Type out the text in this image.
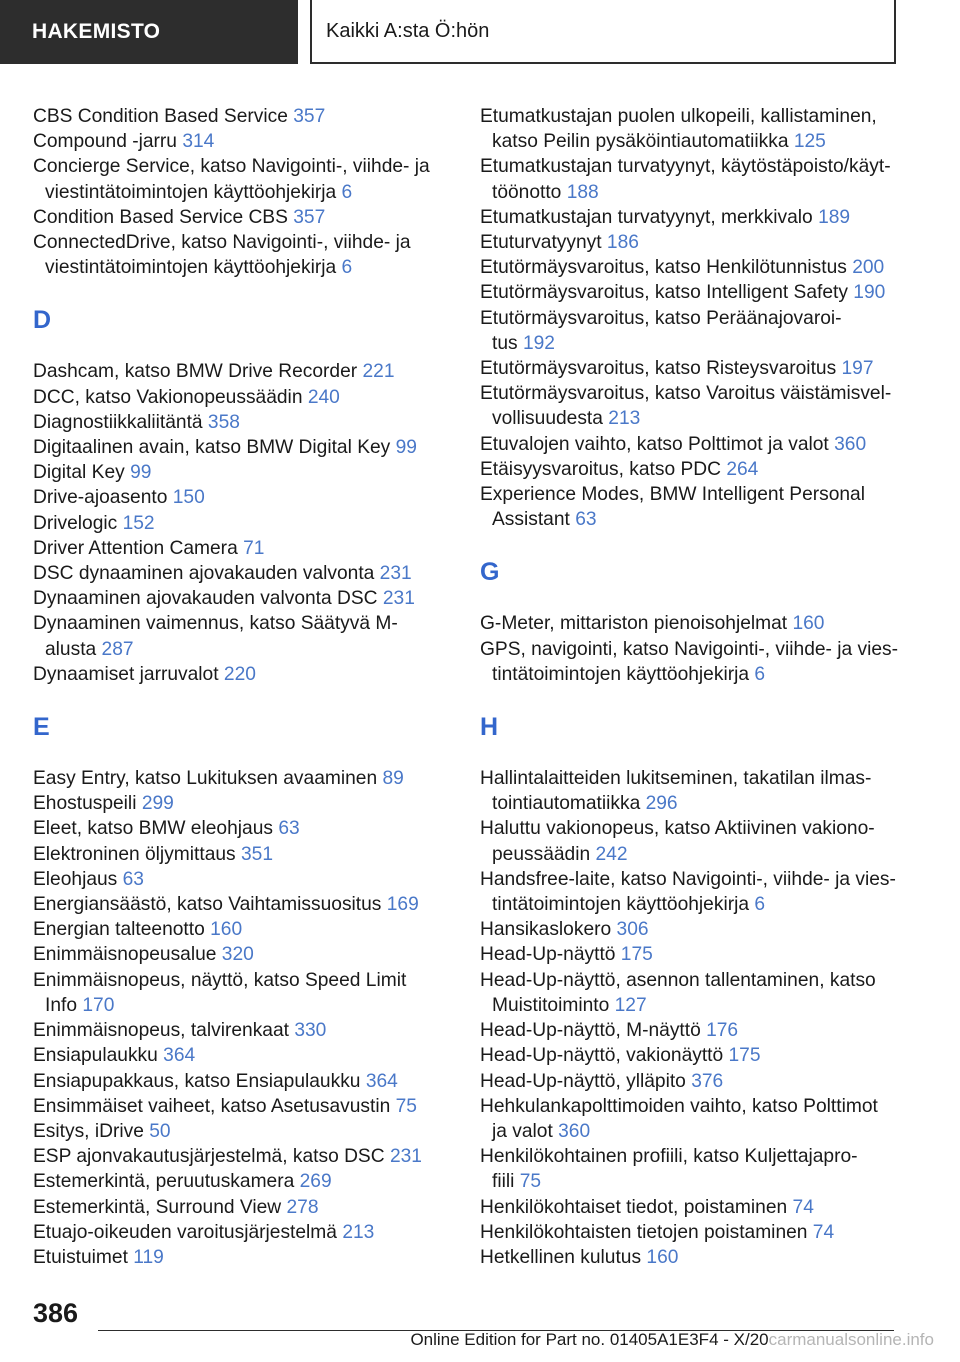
HAKEMISTO	Kaikki A:sta Ö:hön
CBS Condition Based Service 357
Compound -jarru 314
Concierge Service, katso Navigointi-, viihde- ja
viestintätoimintojen käyttöohjekirja 6
Condition Based Service CBS 357
ConnectedDrive, katso Navigointi-, viihde- ja
viestintätoimintojen käyttöohjekirja 6
D
Dashcam, katso BMW Drive Recorder 221
DCC, katso Vakionopeussäädin 240
Diagnostiikkaliitäntä 358
Digitaalinen avain, katso BMW Digital Key 99
Digital Key 99
Drive-ajoasento 150
Drivelogic 152
Driver Attention Camera 71
DSC dynaaminen ajovakauden valvonta 231
Dynaaminen ajovakauden valvonta DSC 231
Dynaaminen vaimennus, katso Säätyvä M-
alusta 287
Dynaamiset jarruvalot 220
E
Easy Entry, katso Lukituksen avaaminen 89
Ehostuspeili 299
Eleet, katso BMW eleohjaus 63
Elektroninen öljymittaus 351
Eleohjaus 63
Energiansäästö, katso Vaihtamissuositus 169
Energian talteenotto 160
Enimmäisnopeusalue 320
Enimmäisnopeus, näyttö, katso Speed Limit
Info 170
Enimmäisnopeus, talvirenkaat 330
Ensiapulaukku 364
Ensiapupakkaus, katso Ensiapulaukku 364
Ensimmäiset vaiheet, katso Asetusavustin 75
Esitys, iDrive 50
ESP ajonvakautusjärjestelmä, katso DSC 231
Estemerkintä, peruutuskamera 269
Estemerkintä, Surround View 278
Etuajo-oikeuden varoitusjärjestelmä 213
Etuistuimet 119
Etumatkustajan puolen ulkopeili, kallistaminen,
katso Peilin pysäköintiautomatiikka 125
Etumatkustajan turvatyynyt, käytöstäpoisto/käyt-
töönotto 188
Etumatkustajan turvatyynyt, merkkivalo 189
Etuturvatyynyt 186
Etutörmäysvaroitus, katso Henkilötunnistus 200
Etutörmäysvaroitus, katso Intelligent Safety 190
Etutörmäysvaroitus, katso Peräänajovaroi-
tus 192
Etutörmäysvaroitus, katso Risteysvaroitus 197
Etutörmäysvaroitus, katso Varoitus väistämisvel-
vollisuudesta 213
Etuvalojen vaihto, katso Polttimot ja valot 360
Etäisyysvaroitus, katso PDC 264
Experience Modes, BMW Intelligent Personal
Assistant 63
G
G-Meter, mittariston pienoisohjelmat 160
GPS, navigointi, katso Navigointi-, viihde- ja vies-
tintätoimintojen käyttöohjekirja 6
H
Hallintalaitteiden lukitseminen, takatilan ilmas-
tointiautomatiikka 296
Haluttu vakionopeus, katso Aktiivinen vakiono-
peussäädin 242
Handsfree-laite, katso Navigointi-, viihde- ja vies-
tintätoimintojen käyttöohjekirja 6
Hansikaslokero 306
Head-Up-näyttö 175
Head-Up-näyttö, asennon tallentaminen, katso
Muistitoiminto 127
Head-Up-näyttö, M-näyttö 176
Head-Up-näyttö, vakionäyttö 175
Head-Up-näyttö, ylläpito 376
Hehkulankapolttimoiden vaihto, katso Polttimot
ja valot 360
Henkilökohtainen profiili, katso Kuljettajapro-
fiili 75
Henkilökohtaiset tiedot, poistaminen 74
Henkilökohtaisten tietojen poistaminen 74
Hetkellinen kulutus 160
386
Online Edition for Part no. 01405A1E3F4 - X/20carmanualsonline.info
